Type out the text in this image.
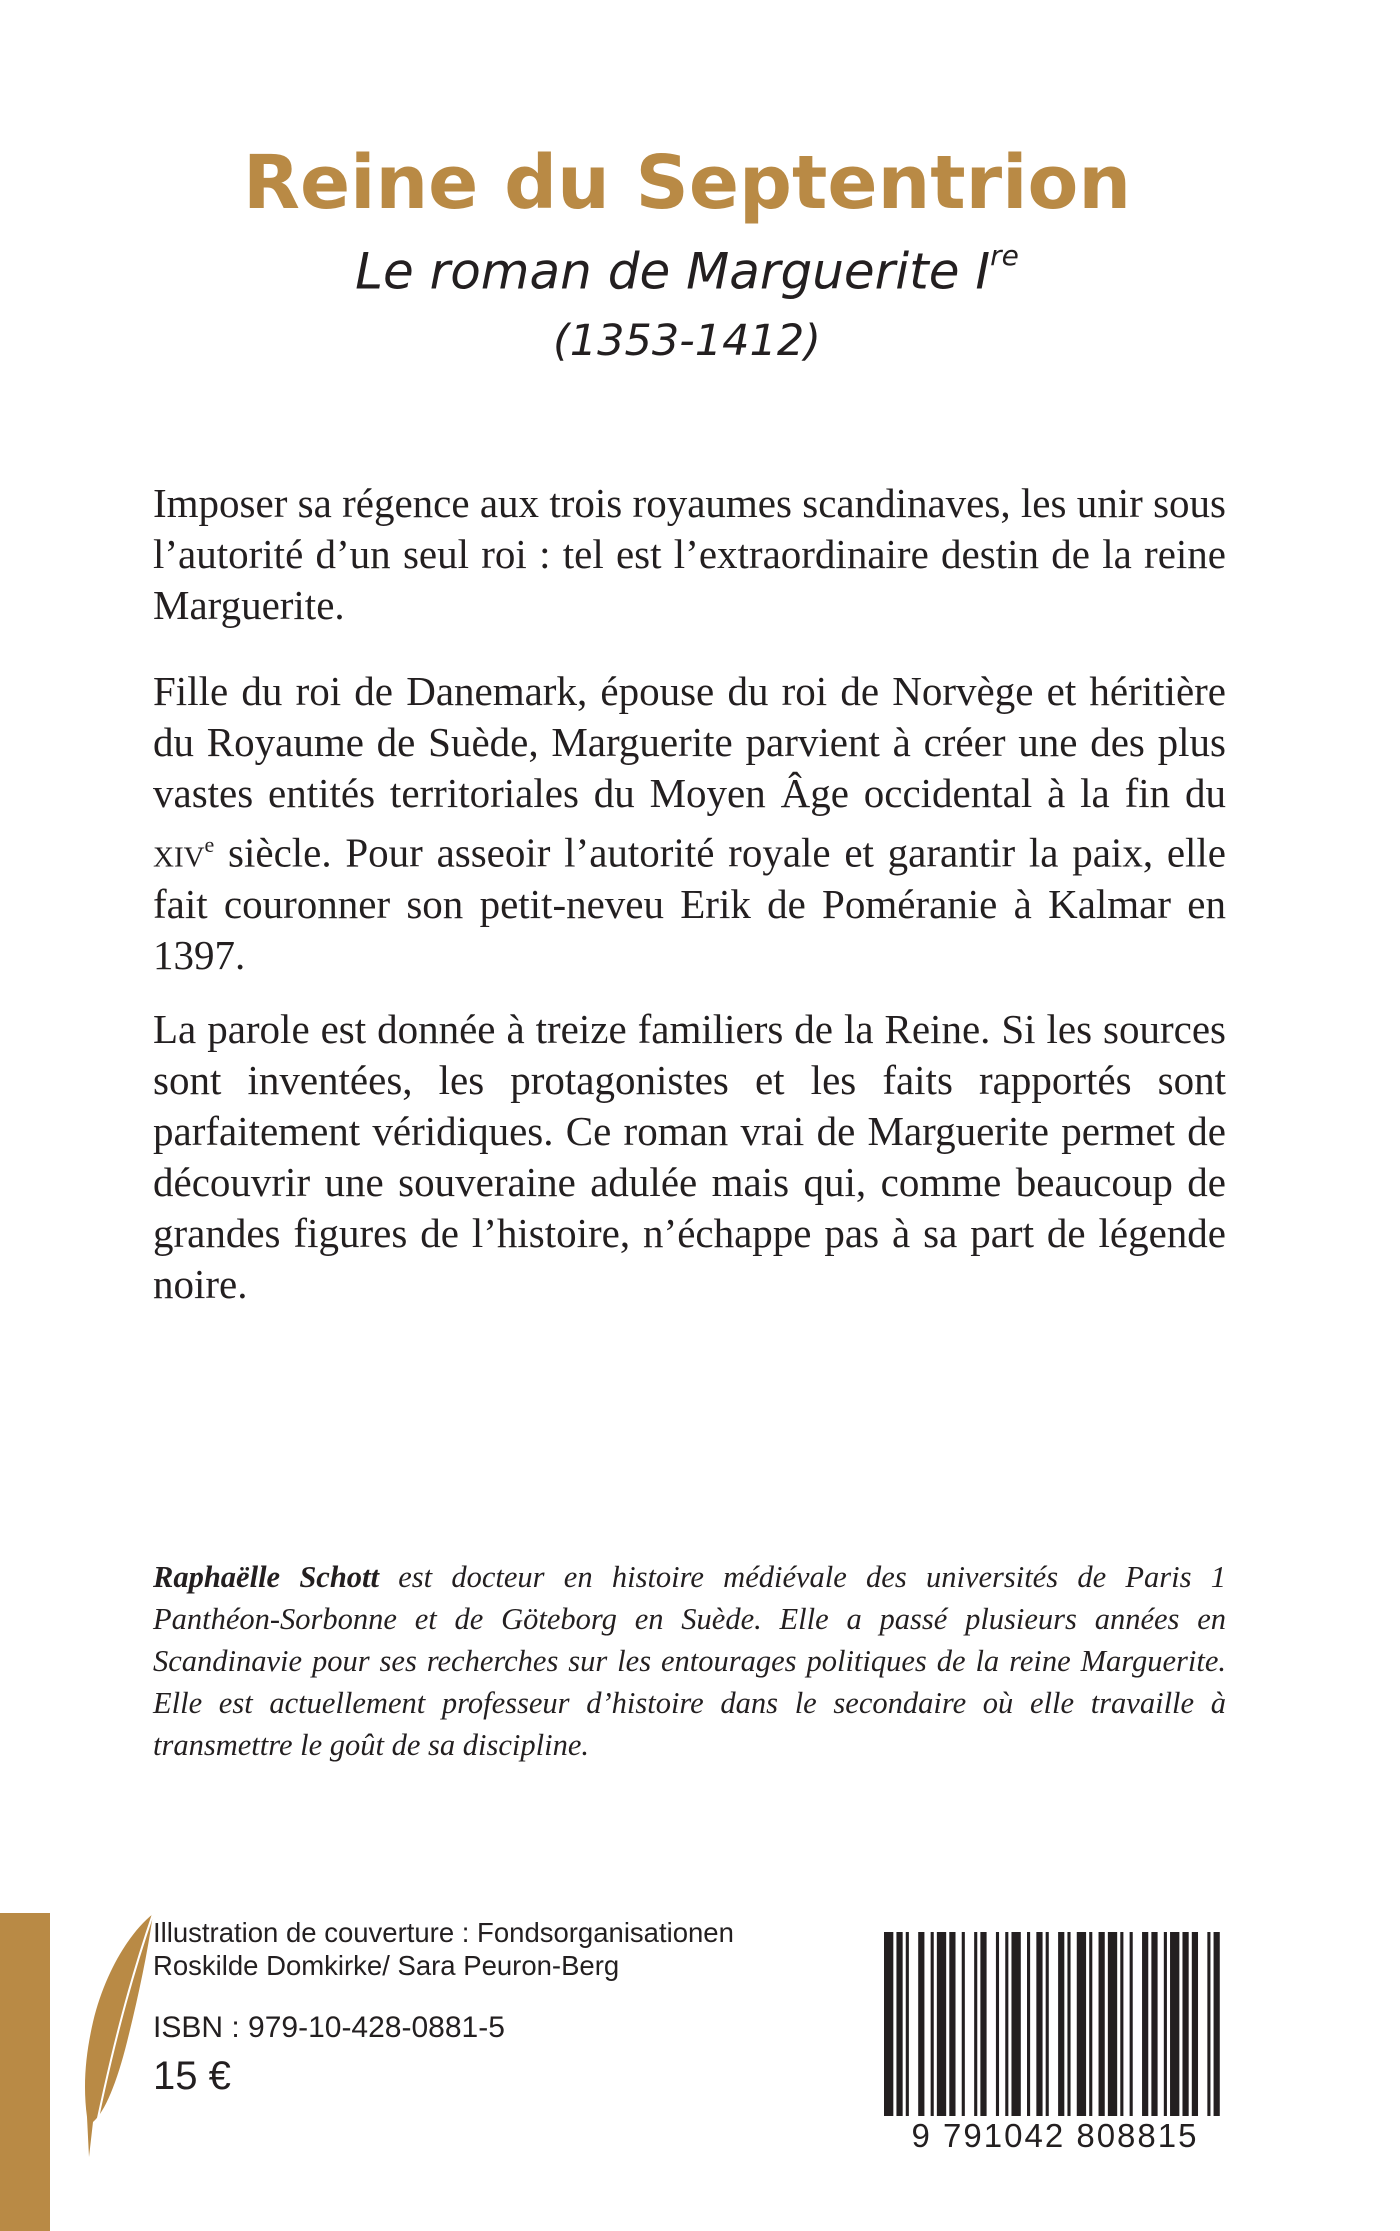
Reine du Septentrion

Le roman de Marguerite Ire

(1353-1412)

Imposer sa régence aux trois royaumes scandinaves, les unir sous l’autorité d’un seul roi : tel est l’extraordinaire destin de la reine Marguerite.

Fille du roi de Danemark, épouse du roi de Norvège et héritière du Royaume de Suède, Marguerite parvient à créer une des plus vastes entités territoriales du Moyen Âge occidental à la fin du xiv$^e$ siècle. Pour asseoir l’autorité royale et garantir la paix, elle fait couronner son petit-neveu Erik de Poméranie à Kalmar en 1397.

La parole est donnée à treize familiers de la Reine. Si les sources sont inventées, les protagonistes et les faits rapportés sont parfaitement véridiques. Ce roman vrai de Marguerite permet de découvrir une souveraine adulée mais qui, comme beaucoup de grandes figures de l’histoire, n’échappe pas à sa part de légende noire.

Raphaëlle Schott est docteur en histoire médiévale des universités de Paris 1 Panthéon-Sorbonne et de Göteborg en Suède. Elle a passé plusieurs années en Scandinavie pour ses recherches sur les entourages politiques de la reine Marguerite. Elle est actuellement professeur d’histoire dans le secondaire où elle travaille à transmettre le goût de sa discipline.

Illustration de couverture : Fondsorganisationen
Roskilde Domkirke/ Sara Peuron-Berg

ISBN : 979-10-428-0881-5

15 €

9 791042 808815
